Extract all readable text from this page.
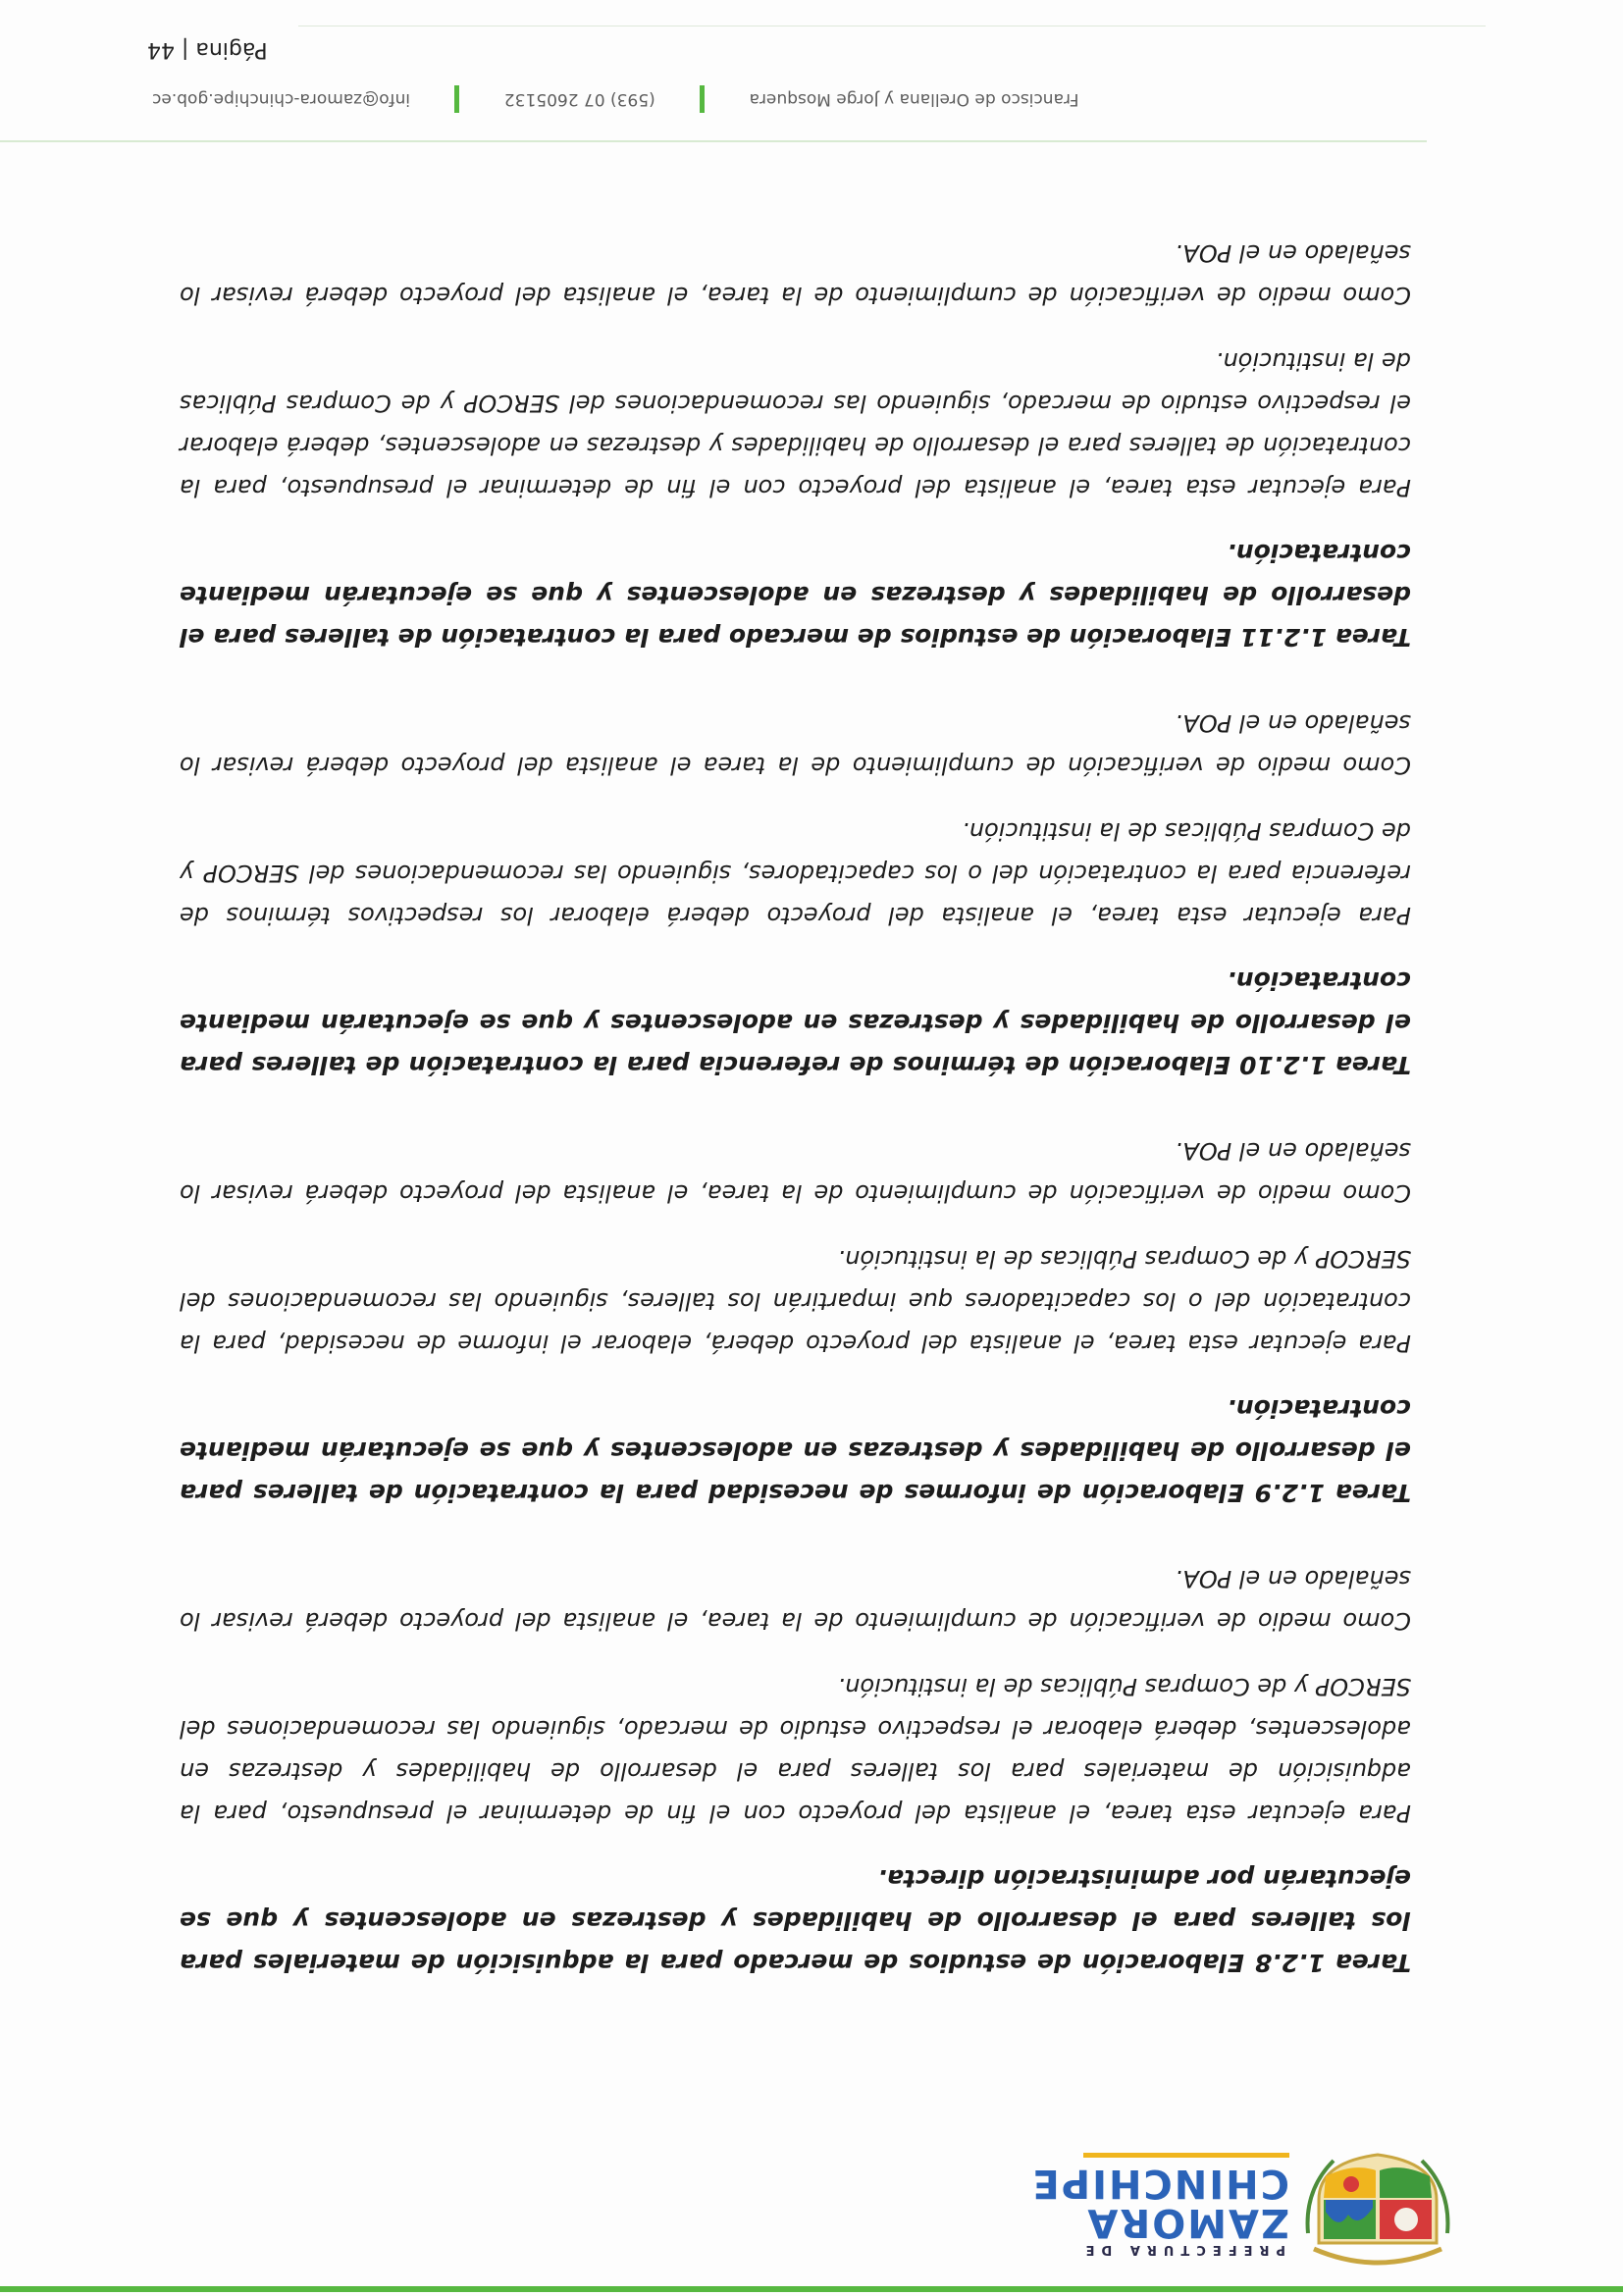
PREFECTURA DE
ZAMORA
CHINCHIPE

Tarea 1.2.8 Elaboración de estudios de mercado para la adquisición de materiales para los talleres para el desarrollo de habilidades y destrezas en adolescentes y que se ejecutarán por administración directa.

Para ejecutar esta tarea, el analista del proyecto con el fin de determinar el presupuesto, para la adquisición de materiales para los talleres para el desarrollo de habilidades y destrezas en adolescentes, deberá elaborar el respectivo estudio de mercado, siguiendo las recomendaciones del SERCOP y de Compras Públicas de la institución.

Como medio de verificación de cumplimiento de la tarea, el analista del proyecto deberá revisar lo señalado en el POA.

Tarea 1.2.9 Elaboración de informes de necesidad para la contratación de talleres para el desarrollo de habilidades y destrezas en adolescentes y que se ejecutarán mediante contratación.

Para ejecutar esta tarea, el analista del proyecto deberá, elaborar el informe de necesidad, para la contratación del o los capacitadores que impartirán los talleres, siguiendo las recomendaciones del SERCOP y de Compras Públicas de la institución.

Como medio de verificación de cumplimiento de la tarea, el analista del proyecto deberá revisar lo señalado en el POA.

Tarea 1.2.10 Elaboración de términos de referencia para la contratación de talleres para el desarrollo de habilidades y destrezas en adolescentes y que se ejecutarán mediante contratación.

Para ejecutar esta tarea, el analista del proyecto deberá elaborar los respectivos términos de referencia para la contratación del o los capacitadores, siguiendo las recomendaciones del SERCOP y de Compras Públicas de la institución.

Como medio de verificación de cumplimiento de la tarea el analista del proyecto deberá revisar lo señalado en el POA.

Tarea 1.2.11 Elaboración de estudios de mercado para la contratación de talleres para el desarrollo de habilidades y destrezas en adolescentes y que se ejecutarán mediante contratación.

Para ejecutar esta tarea, el analista del proyecto con el fin de determinar el presupuesto, para la contratación de talleres para el desarrollo de habilidades y destrezas en adolescentes, deberá elaborar el respectivo estudio de mercado, siguiendo las recomendaciones del SERCOP y de Compras Públicas de la institución.

Como medio de verificación de cumplimiento de la tarea, el analista del proyecto deberá revisar lo señalado en el POA.

Francisco de Orellana y Jorge Mosquera  (593) 07 2605132  info@zamora-chinchipe.gob.ec
Página | 44
